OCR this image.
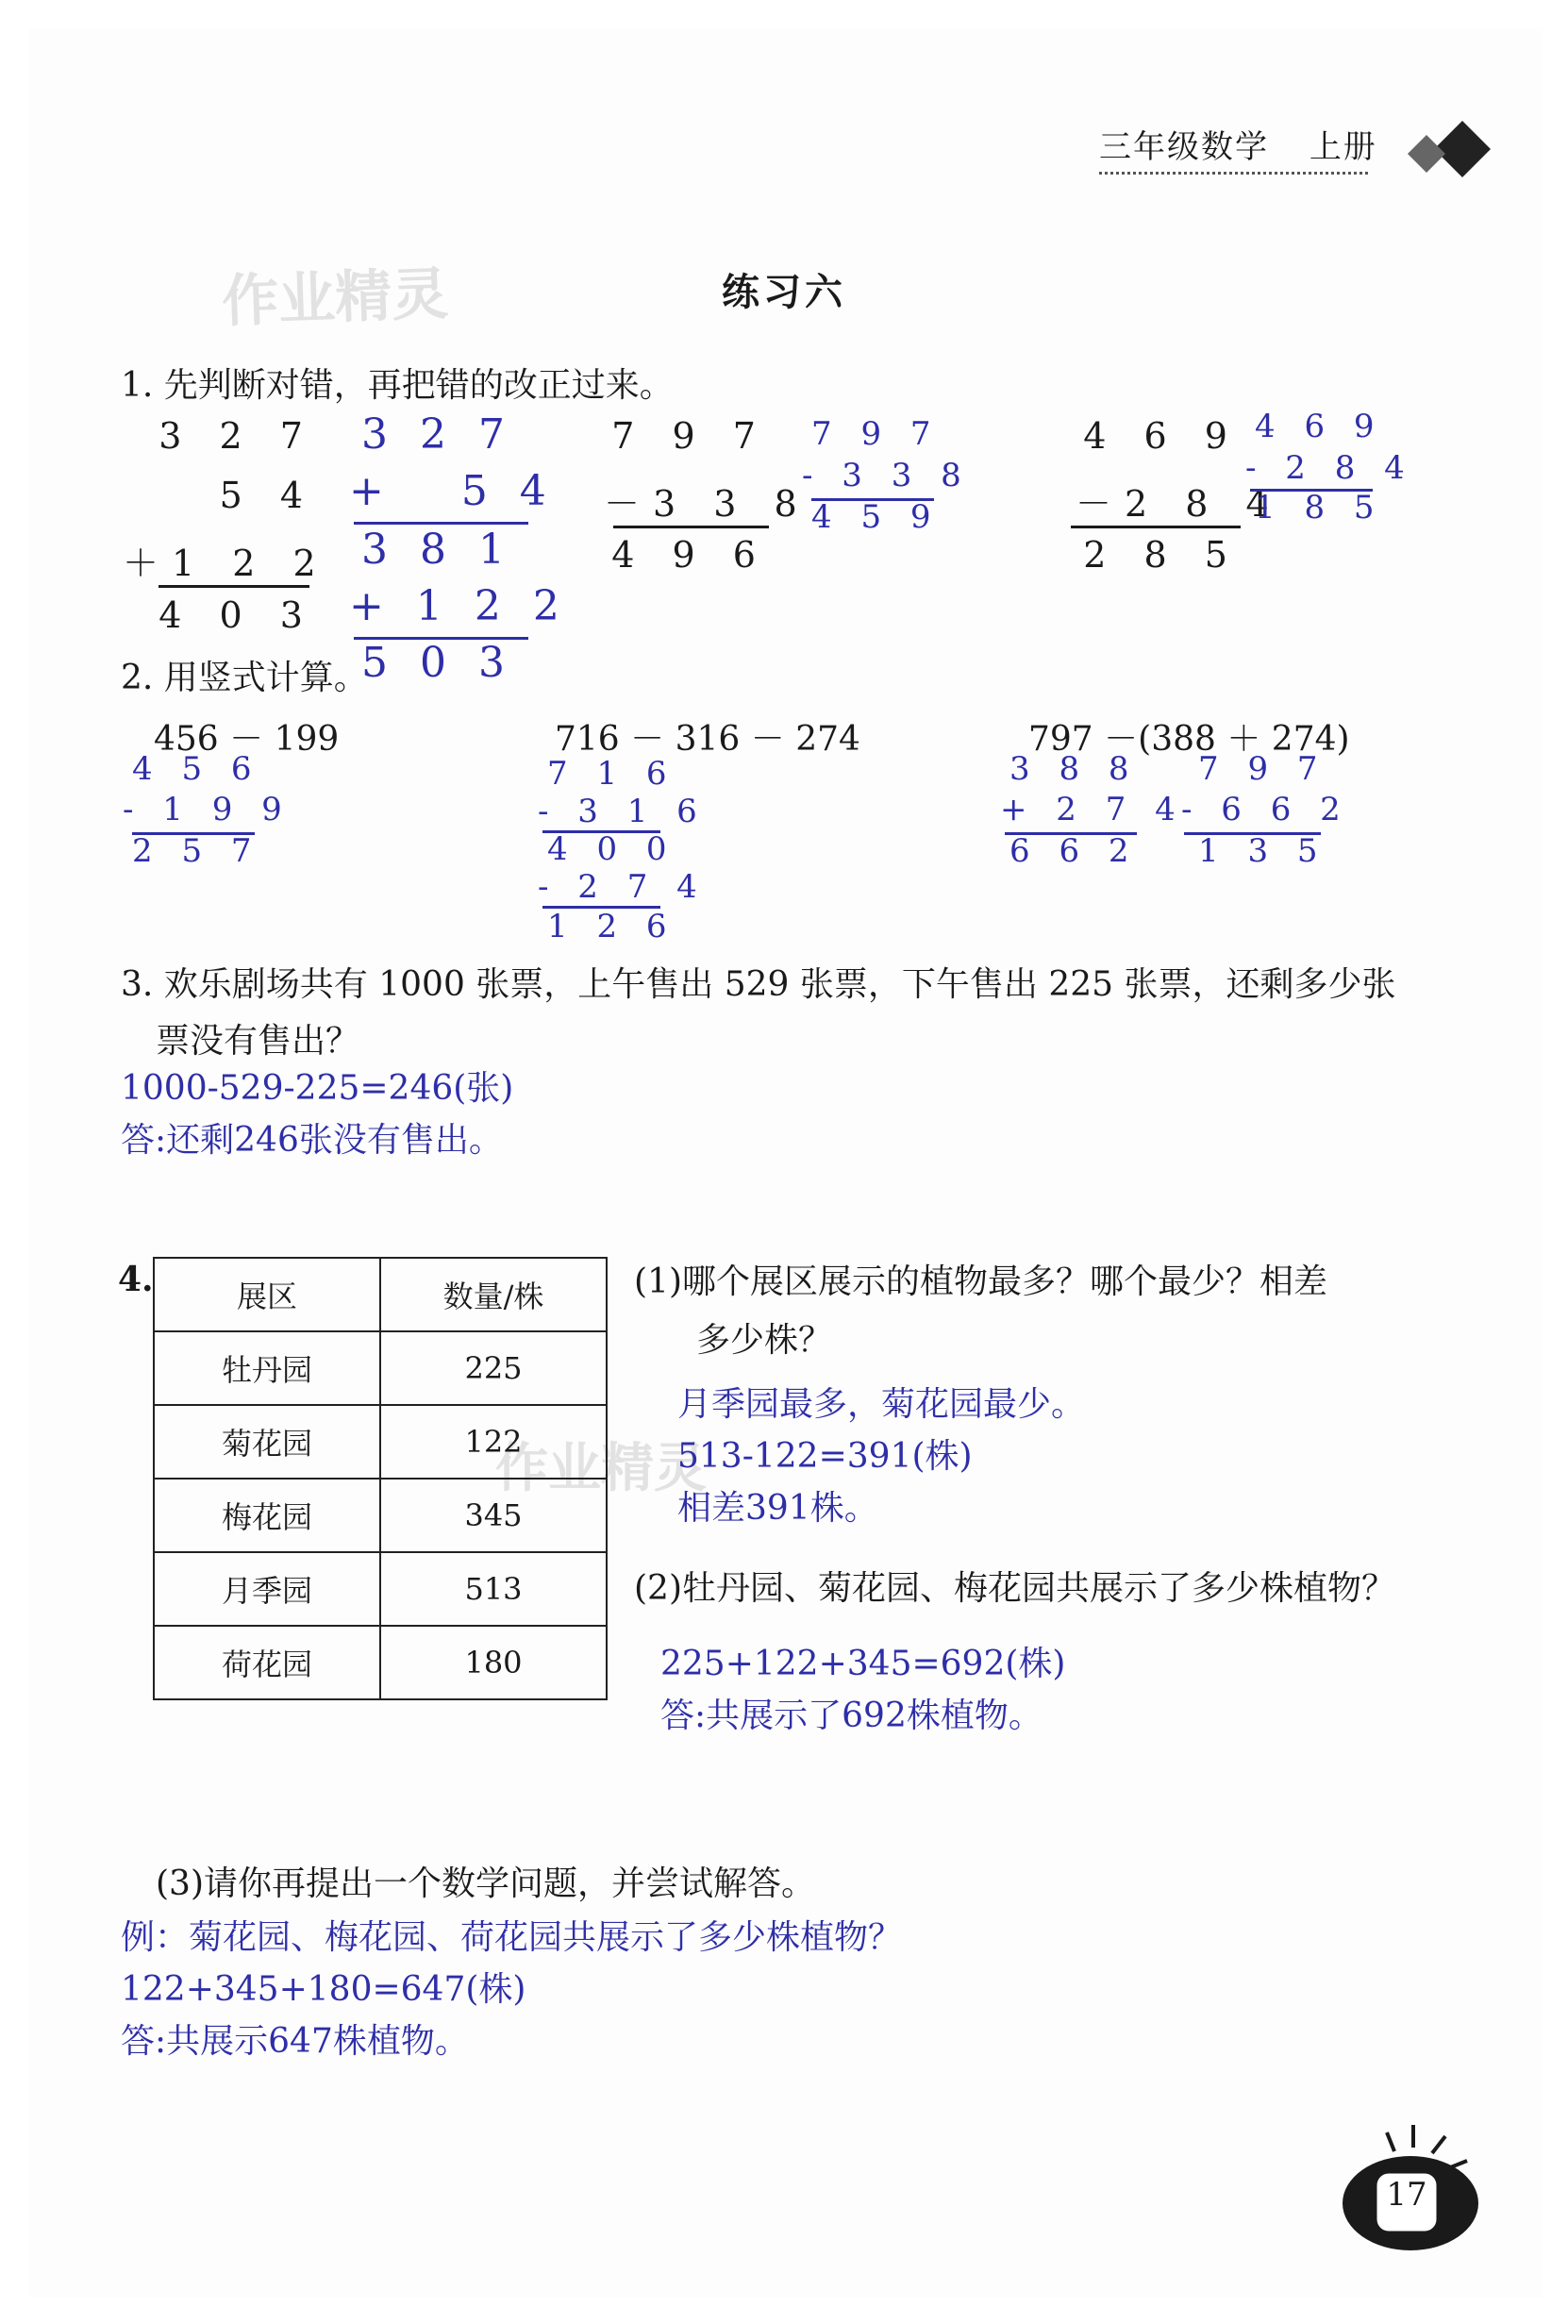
三年级数学 上册
作业精灵
作业精灵
练习六
1. 先判断对错，再把错的改正过来。
3 2 7
5 4
＋1 2 2
4 0 3
3 2 7
+   5 4
3 8 1
+ 1 2 2
5 0 3
7 9 7
－3 3 8
4 9 6
7 9 7
- 3 3 8
4 5 9
4 6 9
－2 8 4
2 8 5
4 6 9
- 2 8 4
1 8 5
2. 用竖式计算。
456 － 199
4 5 6
- 1 9 9
2 5 7
716 － 316 － 274
7 1 6
- 3 1 6
4 0 0
- 2 7 4
1 2 6
797 －(388 ＋ 274)
3 8 8
+ 2 7 4
6 6 2
7 9 7
- 6 6 2
1 3 5
3. 欢乐剧场共有 1000 张票，上午售出 529 张票，下午售出 225 张票，还剩多少张
票没有售出？
1000-529-225=246(张)
答:还剩246张没有售出。
4.	展区	数量/株
牡丹园	225
菊花园	122
梅花园	345
月季园	513
荷花园	180
(1)哪个展区展示的植物最多？哪个最少？相差
多少株？
月季园最多，菊花园最少。
513-122=391(株)
相差391株。
(2)牡丹园、菊花园、梅花园共展示了多少株植物？
225+122+345=692(株)
答:共展示了692株植物。
(3)请你再提出一个数学问题，并尝试解答。
例：菊花园、梅花园、荷花园共展示了多少株植物？
122+345+180=647(株)
答:共展示647株植物。
17
